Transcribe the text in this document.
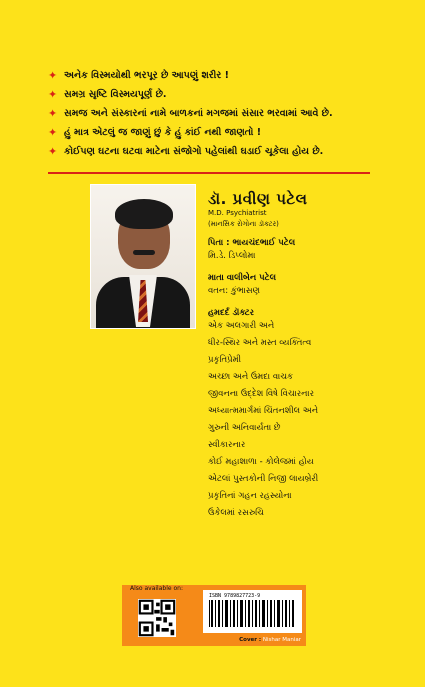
✦ અનેક વિસ્મયોથી ભરપૂર છે આપણું શરીર !
✦ સમગ્ર સૃષ્ટિ વિસ્મયપૂર્ણ છે.
✦ સમજ અને સંસ્કારનાં નામે બાળકનાં મગજમાં સંસાર ભરવામાં આવે છે.
✦ હું માત્ર એટલું જ જાણું છું કે હું કાંઈ નથી જાણતો !
✦ કોઈપણ ઘટના ઘટવા માટેના સંજોગો પહેલાંથી ઘડાઈ ચૂકેલા હોય છે.
ડૉ. પ્રવીણ પટેલ
M.D. Psychiatrist
(માનસિક રોગોના ડૉક્ટર)
પિતા : ભાયચંદભાઈ પટેલ
મિ.ડે. ડિપ્લોમા
માતા વાલીબેન પટેલ
વતન: કુંભાસણ
હમદર્દ ડૉક્ટર
એક અલગારી અને
ધીર-સ્થિર અને મસ્ત વ્યક્તિત્વ
પ્રકૃતિપ્રેમી
અચ્છા અને ઉમદા વાચક
જીવનના ઉદ્દેશ વિષે વિચારનાર
અધ્યાત્મમાર્ગમાં ચિંતનશીલ અને
ગુરુની અનિવાર્યતા છે
સ્વીકારનાર
કોઈ મહાશાળા - કોલેજમાં હોય
એટલાં પુસ્તકોની નિજી લાયબ્રેરી
પ્રકૃતિનાં ગહન રહસ્યોના
ઉકેલમાં રસરુચિ
Also available on:
ISBN 9789827723-9
Cover : Nishar Maniar
